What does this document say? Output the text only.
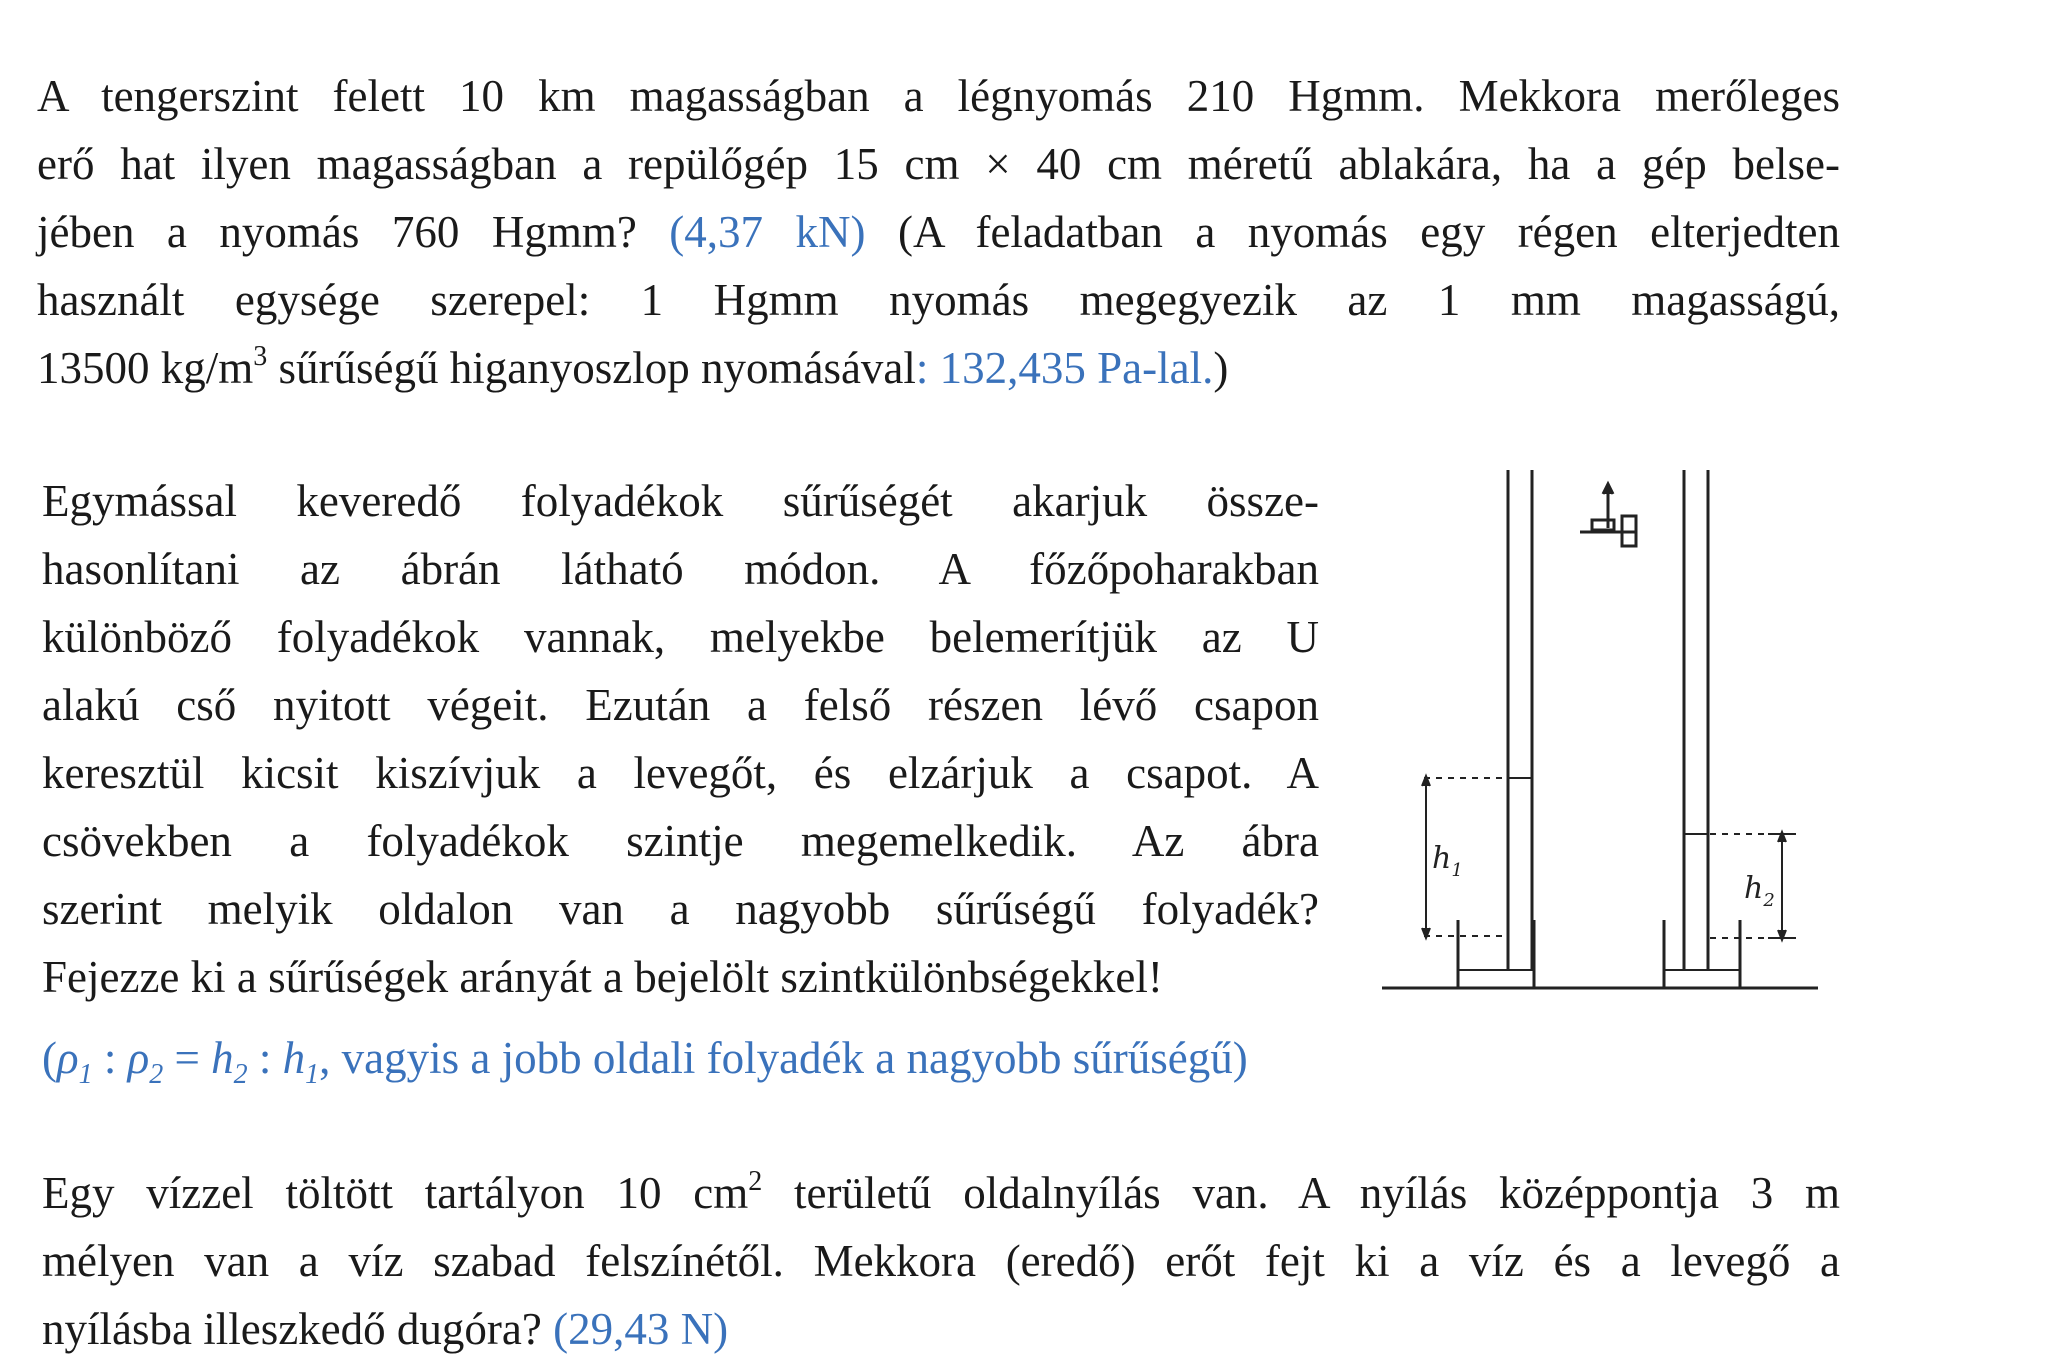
A tengerszint felett 10 km magasságban a légnyomás 210 Hgmm. Mekkora merőleges
erő hat ilyen magasságban a repülőgép 15 cm × 40 cm méretű ablakára, ha a gép belse-
jében a nyomás 760 Hgmm? (4,37 kN) (A feladatban a nyomás egy régen elterjedten
használt egysége szerepel: 1 Hgmm nyomás megegyezik az 1 mm magasságú,
13500 $kg/m^3$ sűrűségű higanyoszlop nyomásával: 132,435 Pa-lal.)
Egymással keveredő folyadékok sűrűségét akarjuk össze-
hasonlítani az ábrán látható módon. A főzőpoharakban
különböző folyadékok vannak, melyekbe belemerítjük az U
alakú cső nyitott végeit. Ezután a felső részen lévő csapon
keresztül kicsit kiszívjuk a levegőt, és elzárjuk a csapot. A
csövekben a folyadékok szintje megemelkedik. Az ábra
szerint melyik oldalon van a nagyobb sűrűségű folyadék?
Fejezze ki a sűrűségek arányát a bejelölt szintkülönbségekkel!
($\rho_1$ : $\rho_2 = h_2$ : $h_1$, vagyis a jobb oldali folyadék a nagyobb sűrűségű)
$h_1$
$h_2$
Egy vízzel töltött tartályon 10 $cm^2$ területű oldalnyílás van. A nyílás középpontja 3 m
mélyen van a víz szabad felszínétől. Mekkora (eredő) erőt fejt ki a víz és a levegő a
nyílásba illeszkedő dugóra? (29,43 N)
